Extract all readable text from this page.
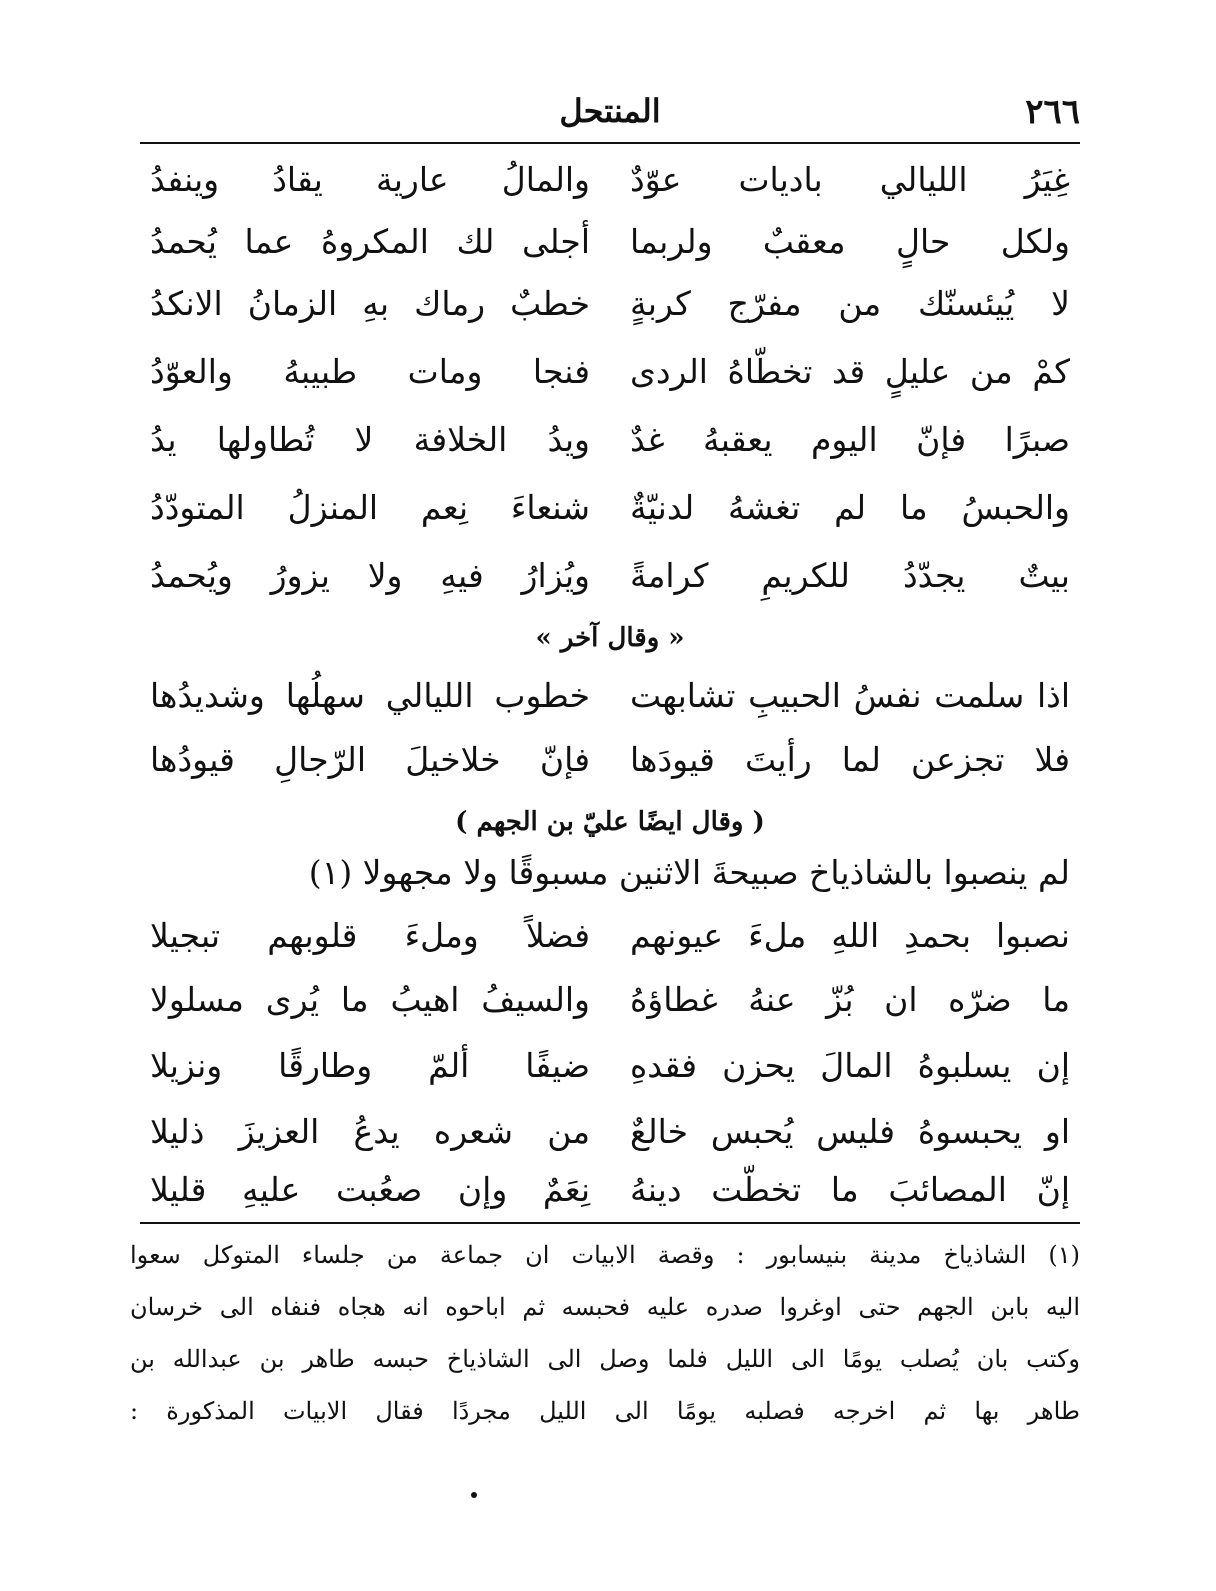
٢٦٦
المنتحل
غِيَرُ الليالي باديات عوّدٌ
والمالُ عارية يقادُ وينفدُ
ولكل حالٍ معقبٌ ولربما
أجلى لك المكروهُ عما يُحمدُ
لا يُيئسنّك من مفرّج كربةٍ
خطبٌ رماك بهِ الزمانُ الانكدُ
كمْ من عليلٍ قد تخطّاهُ الردى
فنجا ومات طبيبهُ والعوّدُ
صبرًا فإنّ اليوم يعقبهُ غدٌ
ويدُ الخلافة لا تُطاولها يدُ
والحبسُ ما لم تغشهُ لدنيّةٌ
شنعاءَ نِعم المنزلُ المتودّدُ
بيتٌ يجدّدُ للكريمِ كرامةً
ويُزارُ فيهِ ولا يزورُ ويُحمدُ
« وقال آخر »
اذا سلمت نفسُ الحبيبِ تشابهت
خطوب الليالي سهلُها وشديدُها
فلا تجزعن لما رأيتَ قيودَها
فإنّ خلاخيلَ الرّجالِ قيودُها
( وقال ايضًا عليّ بن الجهم )
لم ينصبوا بالشاذياخ صبيحةَ الاثنين مسبوقًا ولا مجهولا (١)
نصبوا بحمدِ اللهِ ملءَ عيونهم
فضلاً وملءَ قلوبهم تبجيلا
ما ضرّه ان بُزّ عنهُ غطاؤهُ
والسيفُ اهيبُ ما يُرى مسلولا
إن يسلبوهُ المالَ يحزن فقدهِ
ضيفًا ألمّ وطارقًا ونزيلا
او يحبسوهُ فليس يُحبس خالعٌ
من شعره يدعُ العزيزَ ذليلا
إنّ المصائبَ ما تخطّت دينهُ
نِعَمٌ وإن صعُبت عليهِ قليلا
(١) الشاذياخ مدينة بنيسابور : وقصة الابيات ان جماعة من جلساء المتوكل سعوا
اليه بابن الجهم حتى اوغروا صدره عليه فحبسه ثم اباحوه انه هجاه فنفاه الى خرسان
وكتب بان يُصلب يومًا الى الليل فلما وصل الى الشاذياخ حبسه طاهر بن عبدالله بن
طاهر بها ثم اخرجه فصلبه يومًا الى الليل مجردًا فقال الابيات المذكورة :
